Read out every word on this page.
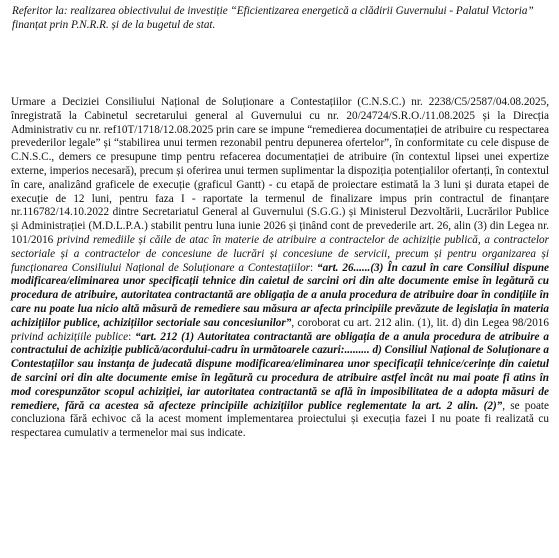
Referitor la: realizarea obiectivului de investiție “Eficientizarea energetică a clădirii Guvernului - Palatul Victoria” finanțat prin P.N.R.R. și de la bugetul de stat.

Urmare a Deciziei Consiliului Național de Soluționare a Contestațiilor (C.N.S.C.) nr. 2238/C5/2587/04.08.2025, înregistrată la Cabinetul secretarului general al Guvernului cu nr. 20/24724/S.R.O./11.08.2025 și la Direcția Administrativ cu nr. ref10T/1718/12.08.2025 prin care se impune “remedierea documentației de atribuire cu respectarea prevederilor legale” și “stabilirea unui termen rezonabil pentru depunerea ofertelor”, în conformitate cu cele dispuse de C.N.S.C., demers ce presupune timp pentru refacerea documentației de atribuire (în contextul lipsei unei expertize externe, imperios necesară), precum și oferirea unui termen suplimentar la dispoziția potențialilor ofertanți, în contextul în care, analizând graficele de execuție (graficul Gantt) - cu etapă de proiectare estimată la 3 luni și durata etapei de execuție de 12 luni, pentru faza I - raportate la termenul de finalizare impus prin contractul de finanțare nr.116782/14.10.2022 dintre Secretariatul General al Guvernului (S.G.G.) și Ministerul Dezvoltării, Lucrărilor Publice și Administrației (M.D.L.P.A.) stabilit pentru luna iunie 2026 și ținând cont de prevederile art. 26, alin (3) din Legea nr. 101/2016 privind remediile și căile de atac în materie de atribuire a contractelor de achiziție publică, a contractelor sectoriale și a contractelor de concesiune de lucrări și concesiune de servicii, precum și pentru organizarea și funcționarea Consiliului Național de Soluționare a Contestațiilor: “art. 26......(3) În cazul în care Consiliul dispune modificarea/eliminarea unor specificații tehnice din caietul de sarcini ori din alte documente emise în legătură cu procedura de atribuire, autoritatea contractantă are obligația de a anula procedura de atribuire doar în condițiile în care nu poate lua nicio altă măsură de remediere sau măsura ar afecta principiile prevăzute de legislația în materia achizițiilor publice, achizițiilor sectoriale sau concesiunilor”, coroborat cu art. 212 alin. (1), lit. d) din Legea 98/2016 privind achizițiile publice: “art. 212 (1) Autoritatea contractantă are obligația de a anula procedura de atribuire a contractului de achiziție publică/acordului-cadru în următoarele cazuri:......... d) Consiliul Național de Soluționare a Contestațiilor sau instanța de judecată dispune modificarea/eliminarea unor specificații tehnice/cerințe din caietul de sarcini ori din alte documente emise în legătură cu procedura de atribuire astfel încât nu mai poate fi atins în mod corespunzător scopul achiziției, iar autoritatea contractantă se află în imposibilitatea de a adopta măsuri de remediere, fără ca acestea să afecteze principiile achizițiilor publice reglementate la art. 2 alin. (2)”, se poate concluziona fără echivoc că la acest moment implementarea proiectului și execuția fazei I nu poate fi realizată cu respectarea cumulativ a termenelor mai sus indicate.
